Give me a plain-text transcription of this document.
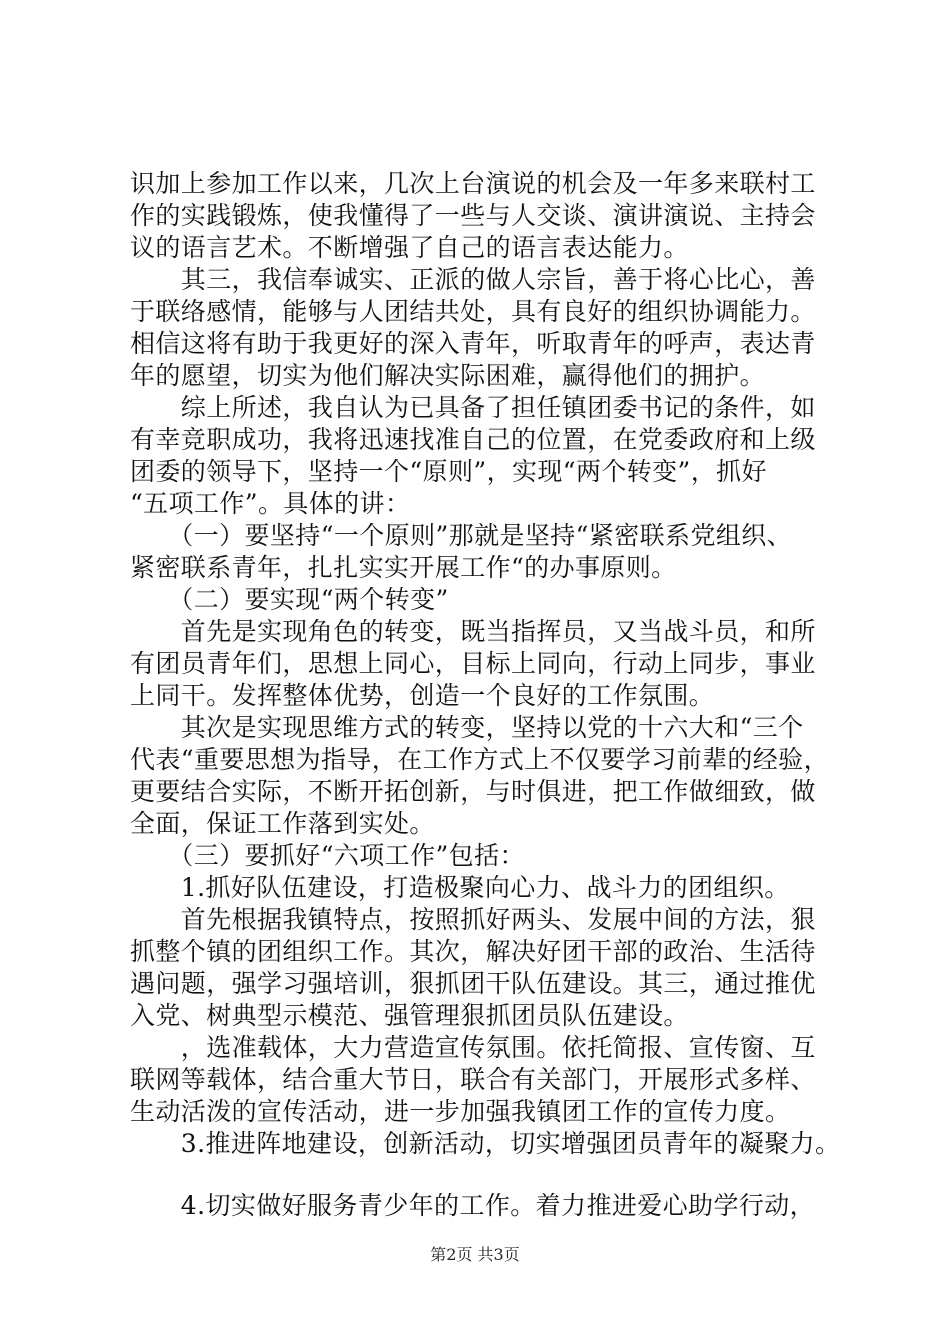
识加上参加工作以来，几次上台演说的机会及一年多来联村工
作的实践锻炼，使我懂得了一些与人交谈、演讲演说、主持会
议的语言艺术。不断增强了自己的语言表达能力。
　　其三，我信奉诚实、正派的做人宗旨，善于将心比心，善
于联络感情，能够与人团结共处，具有良好的组织协调能力。
相信这将有助于我更好的深入青年，听取青年的呼声，表达青
年的愿望，切实为他们解决实际困难，赢得他们的拥护。
　　综上所述，我自认为已具备了担任镇团委书记的条件，如
有幸竞职成功，我将迅速找准自己的位置，在党委政府和上级
团委的领导下，坚持一个“原则”，实现“两个转变”，抓好
“五项工作”。具体的讲：
　　（一）要坚持“一个原则”那就是坚持“紧密联系党组织、
紧密联系青年，扎扎实实开展工作“的办事原则。
　　（二）要实现“两个转变”
　　首先是实现角色的转变，既当指挥员，又当战斗员，和所
有团员青年们，思想上同心，目标上同向，行动上同步，事业
上同干。发挥整体优势，创造一个良好的工作氛围。
　　其次是实现思维方式的转变，坚持以党的十六大和“三个
代表“重要思想为指导，在工作方式上不仅要学习前辈的经验，
更要结合实际，不断开拓创新，与时俱进，把工作做细致，做
全面，保证工作落到实处。
　　（三）要抓好“六项工作”包括：
　　1.抓好队伍建设，打造极聚向心力、战斗力的团组织。
　　首先根据我镇特点，按照抓好两头、发展中间的方法，狠
抓整个镇的团组织工作。其次，解决好团干部的政治、生活待
遇问题，强学习强培训，狠抓团干队伍建设。其三，通过推优
入党、树典型示模范、强管理狠抓团员队伍建设。
　　，选准载体，大力营造宣传氛围。依托简报、宣传窗、互
联网等载体，结合重大节日，联合有关部门，开展形式多样、
生动活泼的宣传活动，进一步加强我镇团工作的宣传力度。
　　3.推进阵地建设，创新活动，切实增强团员青年的凝聚力。
　　4.切实做好服务青少年的工作。着力推进爱心助学行动，
第2页 共3页
